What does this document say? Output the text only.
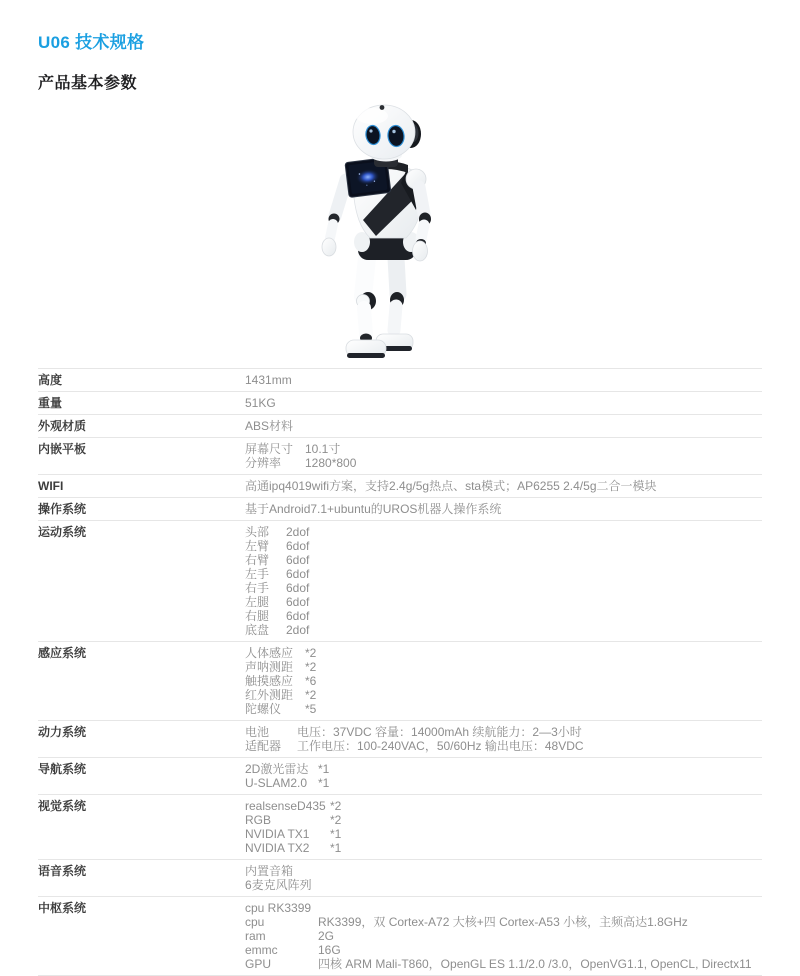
U06 技术规格
产品基本参数
高度	1431mm
重量	51KG
外观材质	ABS材料
内嵌平板	屏幕尺寸 10.1寸
分辨率	1280*800
WIFI	高通ipq4019wifi方案，支持2.4g/5g热点、sta模式；AP6255 2.4/5g二合一模块
操作系统	基于Android7.1+ubuntu的UROS机器人操作系统
运动系统	头部	2dof
左臂	6dof
右臂	6dof
左手	6dof
右手	6dof
左腿	6dof
右腿	6dof
底盘	2dof
感应系统	人体感应 *2
声呐测距 *2
触摸感应 *6
红外测距 *2
陀螺仪	*5
动力系统	电池	电压：37VDC 容量：14000mAh 续航能力：2—3小时
适配器	工作电压：100-240VAC，50/60Hz 输出电压：48VDC
导航系统	2D激光雷达 *1
U-SLAM2.0 *1
视觉系统	realsenseD435 *2
RGB	*2
NVIDIA TX1	*1
NVIDIA TX2	*1
语音系统	内置音箱
6麦克风阵列
中枢系统	cpu RK3399
cpu	RK3399，双 Cortex-A72 大核+四 Cortex-A53 小核，主频高达1.8GHz
ram	2G
emmc	16G
GPU	四核 ARM Mali-T860，OpenGL ES 1.1/2.0 /3.0，OpenVG1.1, OpenCL, Directx11
